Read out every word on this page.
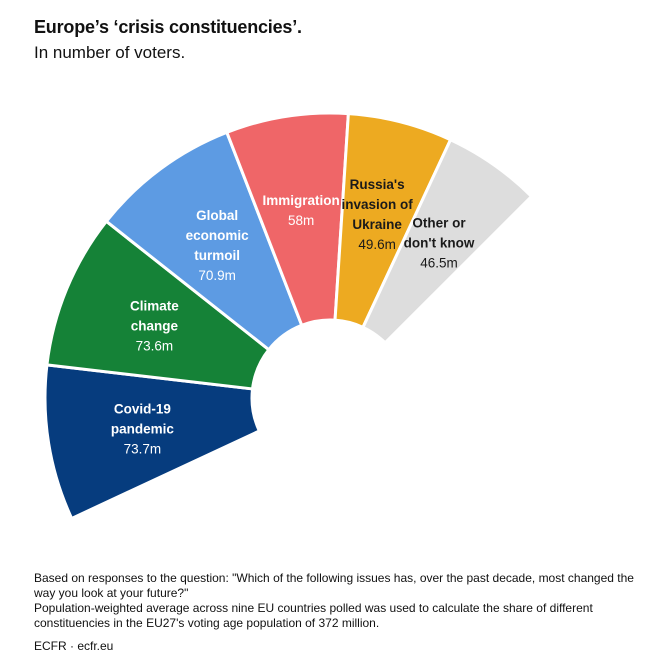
Europe’s ‘crisis constituencies’.
In number of voters.
Covid-19
pandemic
73.7m
Climate
change
73.6m
Global
economic
turmoil
70.9m
Immigration
58m
Russia's
invasion of
Ukraine
49.6m
Other or
don't know
46.5m

Based on responses to the question: "Which of the following issues has, over the past decade, most changed the way you look at your future?"

Population-weighted average across nine EU countries polled was used to calculate the share of different constituencies in the EU27's voting age population of 372 million.

ECFR · ecfr.eu
